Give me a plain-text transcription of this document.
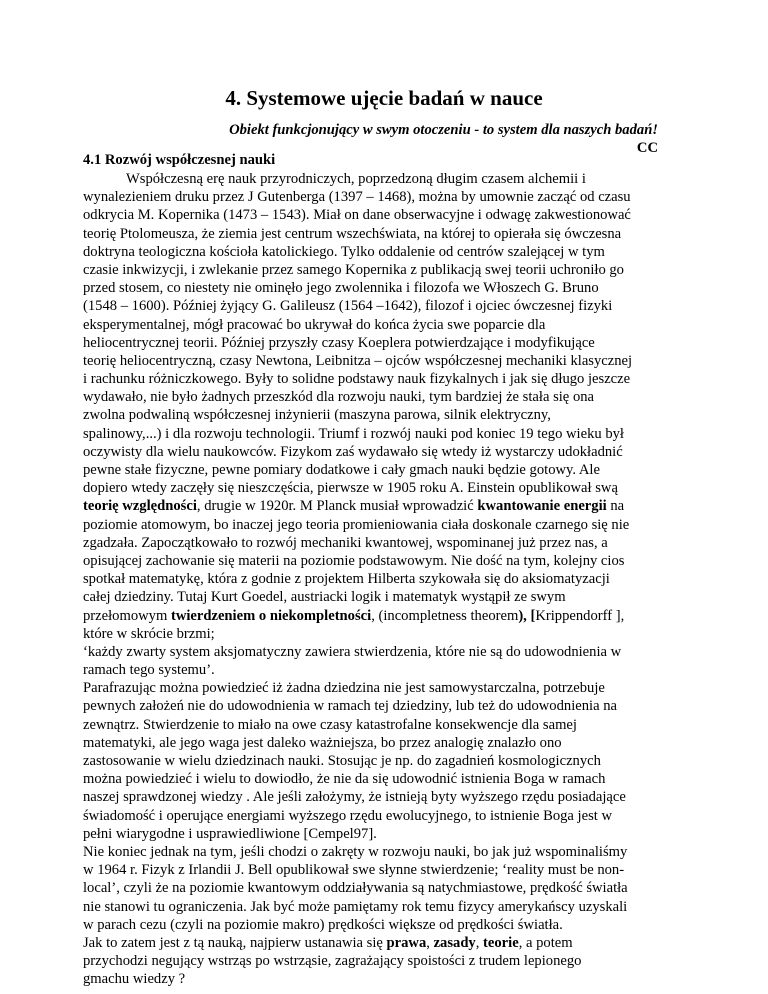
4. Systemowe ujęcie badań w nauce
Obiekt funkcjonujący w swym otoczeniu - to system dla naszych badań!
CC
4.1 Rozwój współczesnej nauki
Współczesną erę nauk przyrodniczych, poprzedzoną długim czasem alchemii i
wynalezieniem druku przez J Gutenberga (1397 – 1468), można by umownie zacząć od czasu
odkrycia M. Kopernika (1473 – 1543). Miał on dane obserwacyjne i odwagę zakwestionować
teorię Ptolomeusza, że ziemia jest centrum wszechświata, na której to opierała się ówczesna
doktryna teologiczna kościoła katolickiego. Tylko oddalenie od centrów szalejącej w tym
czasie inkwizycji, i zwlekanie przez samego Kopernika z publikacją swej teorii uchroniło go
przed stosem, co niestety nie ominęło jego zwolennika i filozofa we Włoszech G. Bruno
(1548 – 1600). Później żyjący G. Galileusz (1564 –1642), filozof i ojciec ówczesnej fizyki
eksperymentalnej, mógł pracować bo ukrywał do końca życia swe poparcie dla
heliocentrycznej teorii. Później przyszły czasy Koeplera potwierdzające i modyfikujące
teorię heliocentryczną, czasy Newtona, Leibnitza – ojców współczesnej mechaniki klasycznej
i rachunku różniczkowego. Były to solidne podstawy nauk fizykalnych i jak się długo jeszcze
wydawało, nie było żadnych przeszkód dla rozwoju nauki, tym bardziej że stała się ona
zwolna podwaliną współczesnej inżynierii (maszyna parowa, silnik elektryczny,
spalinowy,...) i dla rozwoju technologii. Triumf i rozwój nauki pod koniec 19 tego wieku był
oczywisty dla wielu naukowców. Fizykom zaś wydawało się wtedy iż wystarczy udokładnić
pewne stałe fizyczne, pewne pomiary dodatkowe i cały gmach nauki będzie gotowy. Ale
dopiero wtedy zaczęły się nieszczęścia, pierwsze w 1905 roku A. Einstein opublikował swą
teorię względności, drugie w 1920r. M Planck musiał wprowadzić kwantowanie energii na
poziomie atomowym, bo inaczej jego teoria promieniowania ciała doskonale czarnego się nie
zgadzała. Zapoczątkowało to rozwój mechaniki kwantowej, wspominanej już przez nas, a
opisującej zachowanie się materii na poziomie podstawowym. Nie dość na tym, kolejny cios
spotkał matematykę, która z godnie z projektem Hilberta szykowała się do aksiomatyzacji
całej dziedziny. Tutaj Kurt Goedel, austriacki logik i matematyk wystąpił ze swym
przełomowym twierdzeniem o niekompletności, (incompletness theorem), [Krippendorff ],
które w skrócie brzmi;
‘każdy zwarty system aksjomatyczny zawiera stwierdzenia, które nie są do udowodnienia w
ramach tego systemu’.
Parafrazując można powiedzieć iż żadna dziedzina nie jest samowystarczalna, potrzebuje
pewnych założeń nie do udowodnienia w ramach tej dziedziny, lub też do udowodnienia na
zewnątrz. Stwierdzenie to miało na owe czasy katastrofalne konsekwencje dla samej
matematyki, ale jego waga jest daleko ważniejsza, bo przez analogię znalazło ono
zastosowanie w wielu dziedzinach nauki. Stosując je np. do zagadnień kosmologicznych
można powiedzieć i wielu to dowiodło, że nie da się udowodnić istnienia Boga w ramach
naszej sprawdzonej wiedzy . Ale jeśli założymy, że istnieją byty wyższego rzędu posiadające
świadomość i operujące energiami wyższego rzędu ewolucyjnego, to istnienie Boga jest w
pełni wiarygodne i usprawiedliwione [Cempel97].
Nie koniec jednak na tym, jeśli chodzi o zakręty w rozwoju nauki, bo jak już wspominaliśmy
w 1964 r. Fizyk z Irlandii J. Bell opublikował swe słynne stwierdzenie; ‘reality must be non-
local’, czyli że na poziomie kwantowym oddziaływania są natychmiastowe, prędkość światła
nie stanowi tu ograniczenia. Jak być może pamiętamy rok temu fizycy amerykańscy uzyskali
w parach cezu (czyli na poziomie makro) prędkości większe od prędkości światła.
Jak to zatem jest z tą nauką, najpierw ustanawia się prawa, zasady, teorie, a potem
przychodzi negujący wstrząs po wstrząsie, zagrażający spoistości z trudem lepionego
gmachu wiedzy ?
